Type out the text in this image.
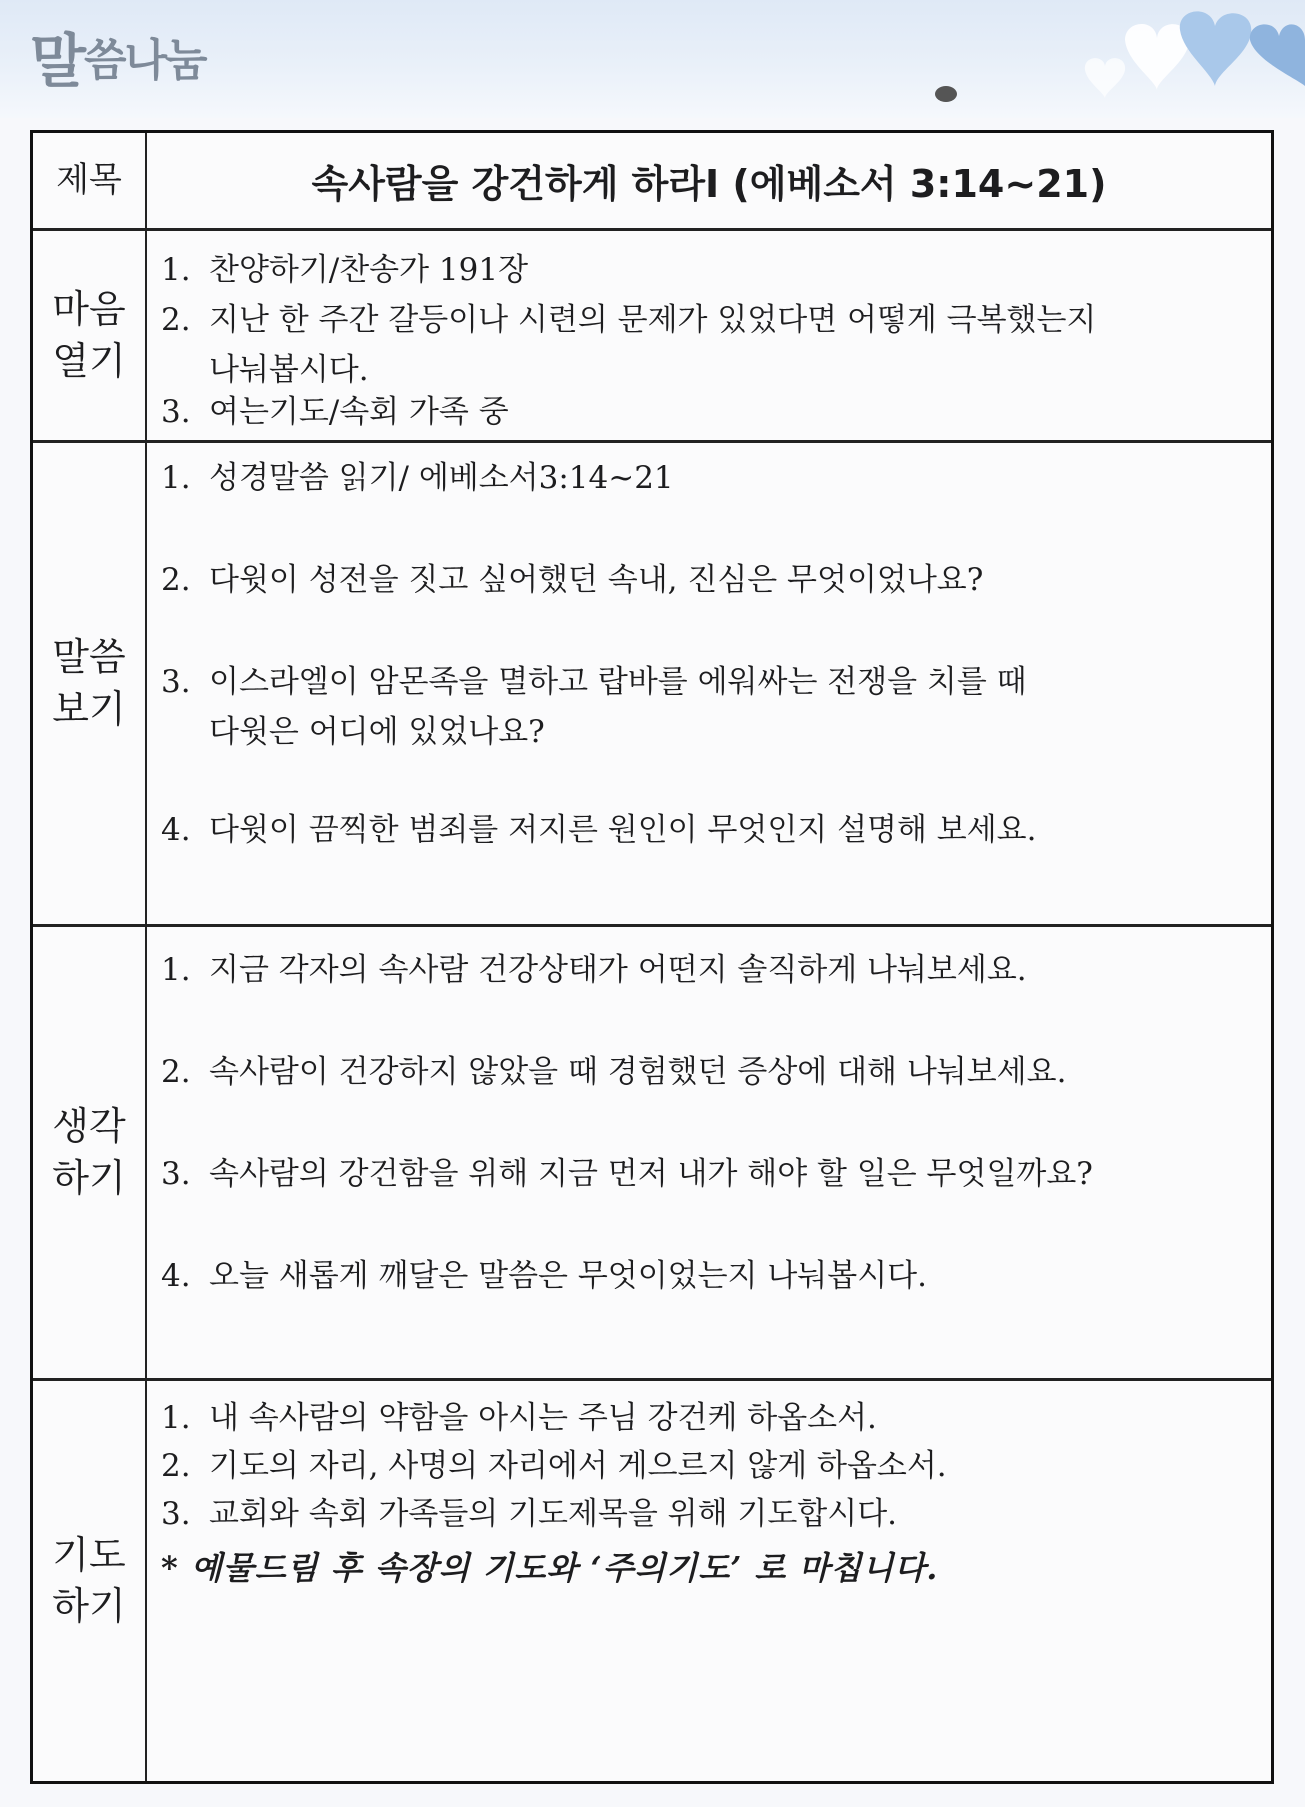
말씀나눔
제목	속사람을 강건하게 하라Ⅰ (에베소서 3:14~21)
마음
열기
1. 찬양하기/찬송가 191장
2. 지난 한 주간 갈등이나 시련의 문제가 있었다면 어떻게 극복했는지
나눠봅시다.
3. 여는기도/속회 가족 중
말씀
보기
1. 성경말씀 읽기/ 에베소서3:14~21
2. 다윗이 성전을 짓고 싶어했던 속내, 진심은 무엇이었나요?
3. 이스라엘이 암몬족을 멸하고 랍바를 에워싸는 전쟁을 치를 때
다윗은 어디에 있었나요?
4. 다윗이 끔찍한 범죄를 저지른 원인이 무엇인지 설명해 보세요.
생각
하기
1. 지금 각자의 속사람 건강상태가 어떤지 솔직하게 나눠보세요.
2. 속사람이 건강하지 않았을 때 경험했던 증상에 대해 나눠보세요.
3. 속사람의 강건함을 위해 지금 먼저 내가 해야 할 일은 무엇일까요?
4. 오늘 새롭게 깨달은 말씀은 무엇이었는지 나눠봅시다.
기도
하기
1. 내 속사람의 약함을 아시는 주님 강건케 하옵소서.
2. 기도의 자리, 사명의 자리에서 게으르지 않게 하옵소서.
3. 교회와 속회 가족들의 기도제목을 위해 기도합시다.
* 예물드림 후 속장의 기도와 ‘주의기도’ 로 마칩니다.
